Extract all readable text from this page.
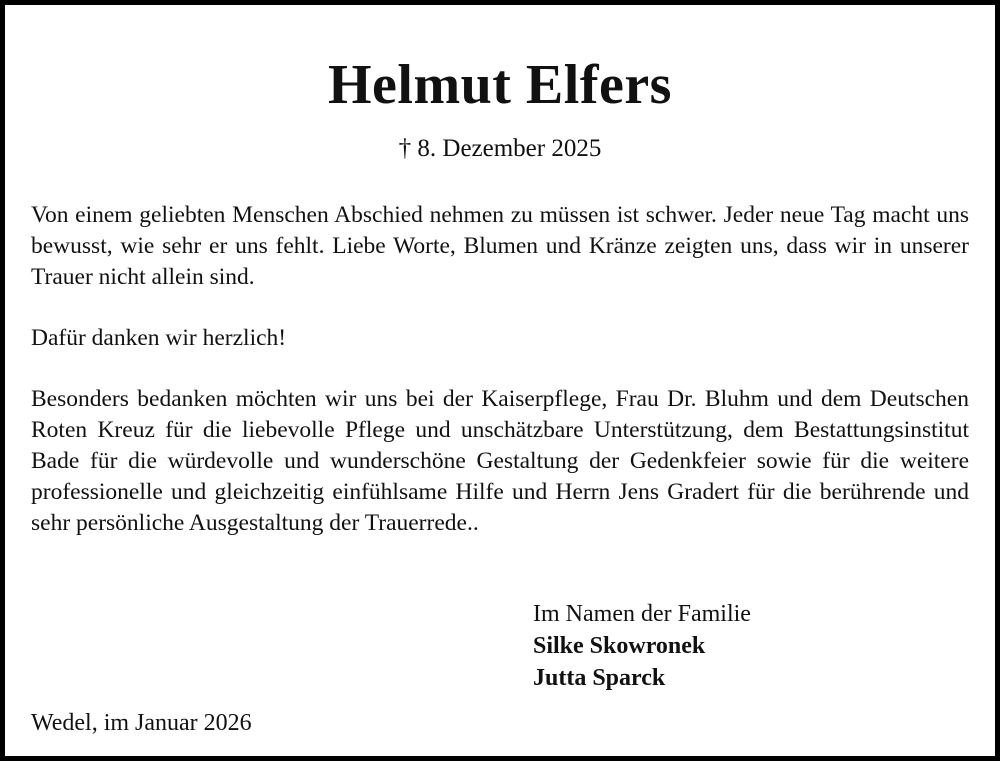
Helmut Elfers
† 8. Dezember 2025

Von einem geliebten Menschen Abschied nehmen zu müssen ist schwer. Jeder neue Tag macht uns bewusst, wie sehr er uns fehlt. Liebe Worte, Blumen und Kränze zeigten uns, dass wir in unserer Trauer nicht allein sind.

Dafür danken wir herzlich!

Besonders bedanken möchten wir uns bei der Kaiserpflege, Frau Dr. Bluhm und dem Deutschen Roten Kreuz für die liebevolle Pflege und unschätzbare Unterstützung, dem Bestattungsinstitut Bade für die würdevolle und wunderschöne Gestaltung der Gedenkfeier sowie für die weitere professionelle und gleichzeitig einfühlsame Hilfe und Herrn Jens Gradert für die berührende und sehr persönliche Ausgestaltung der Trauerrede..

Im Namen der Familie
Silke Skowronek
Jutta Sparck
Wedel, im Januar 2026
